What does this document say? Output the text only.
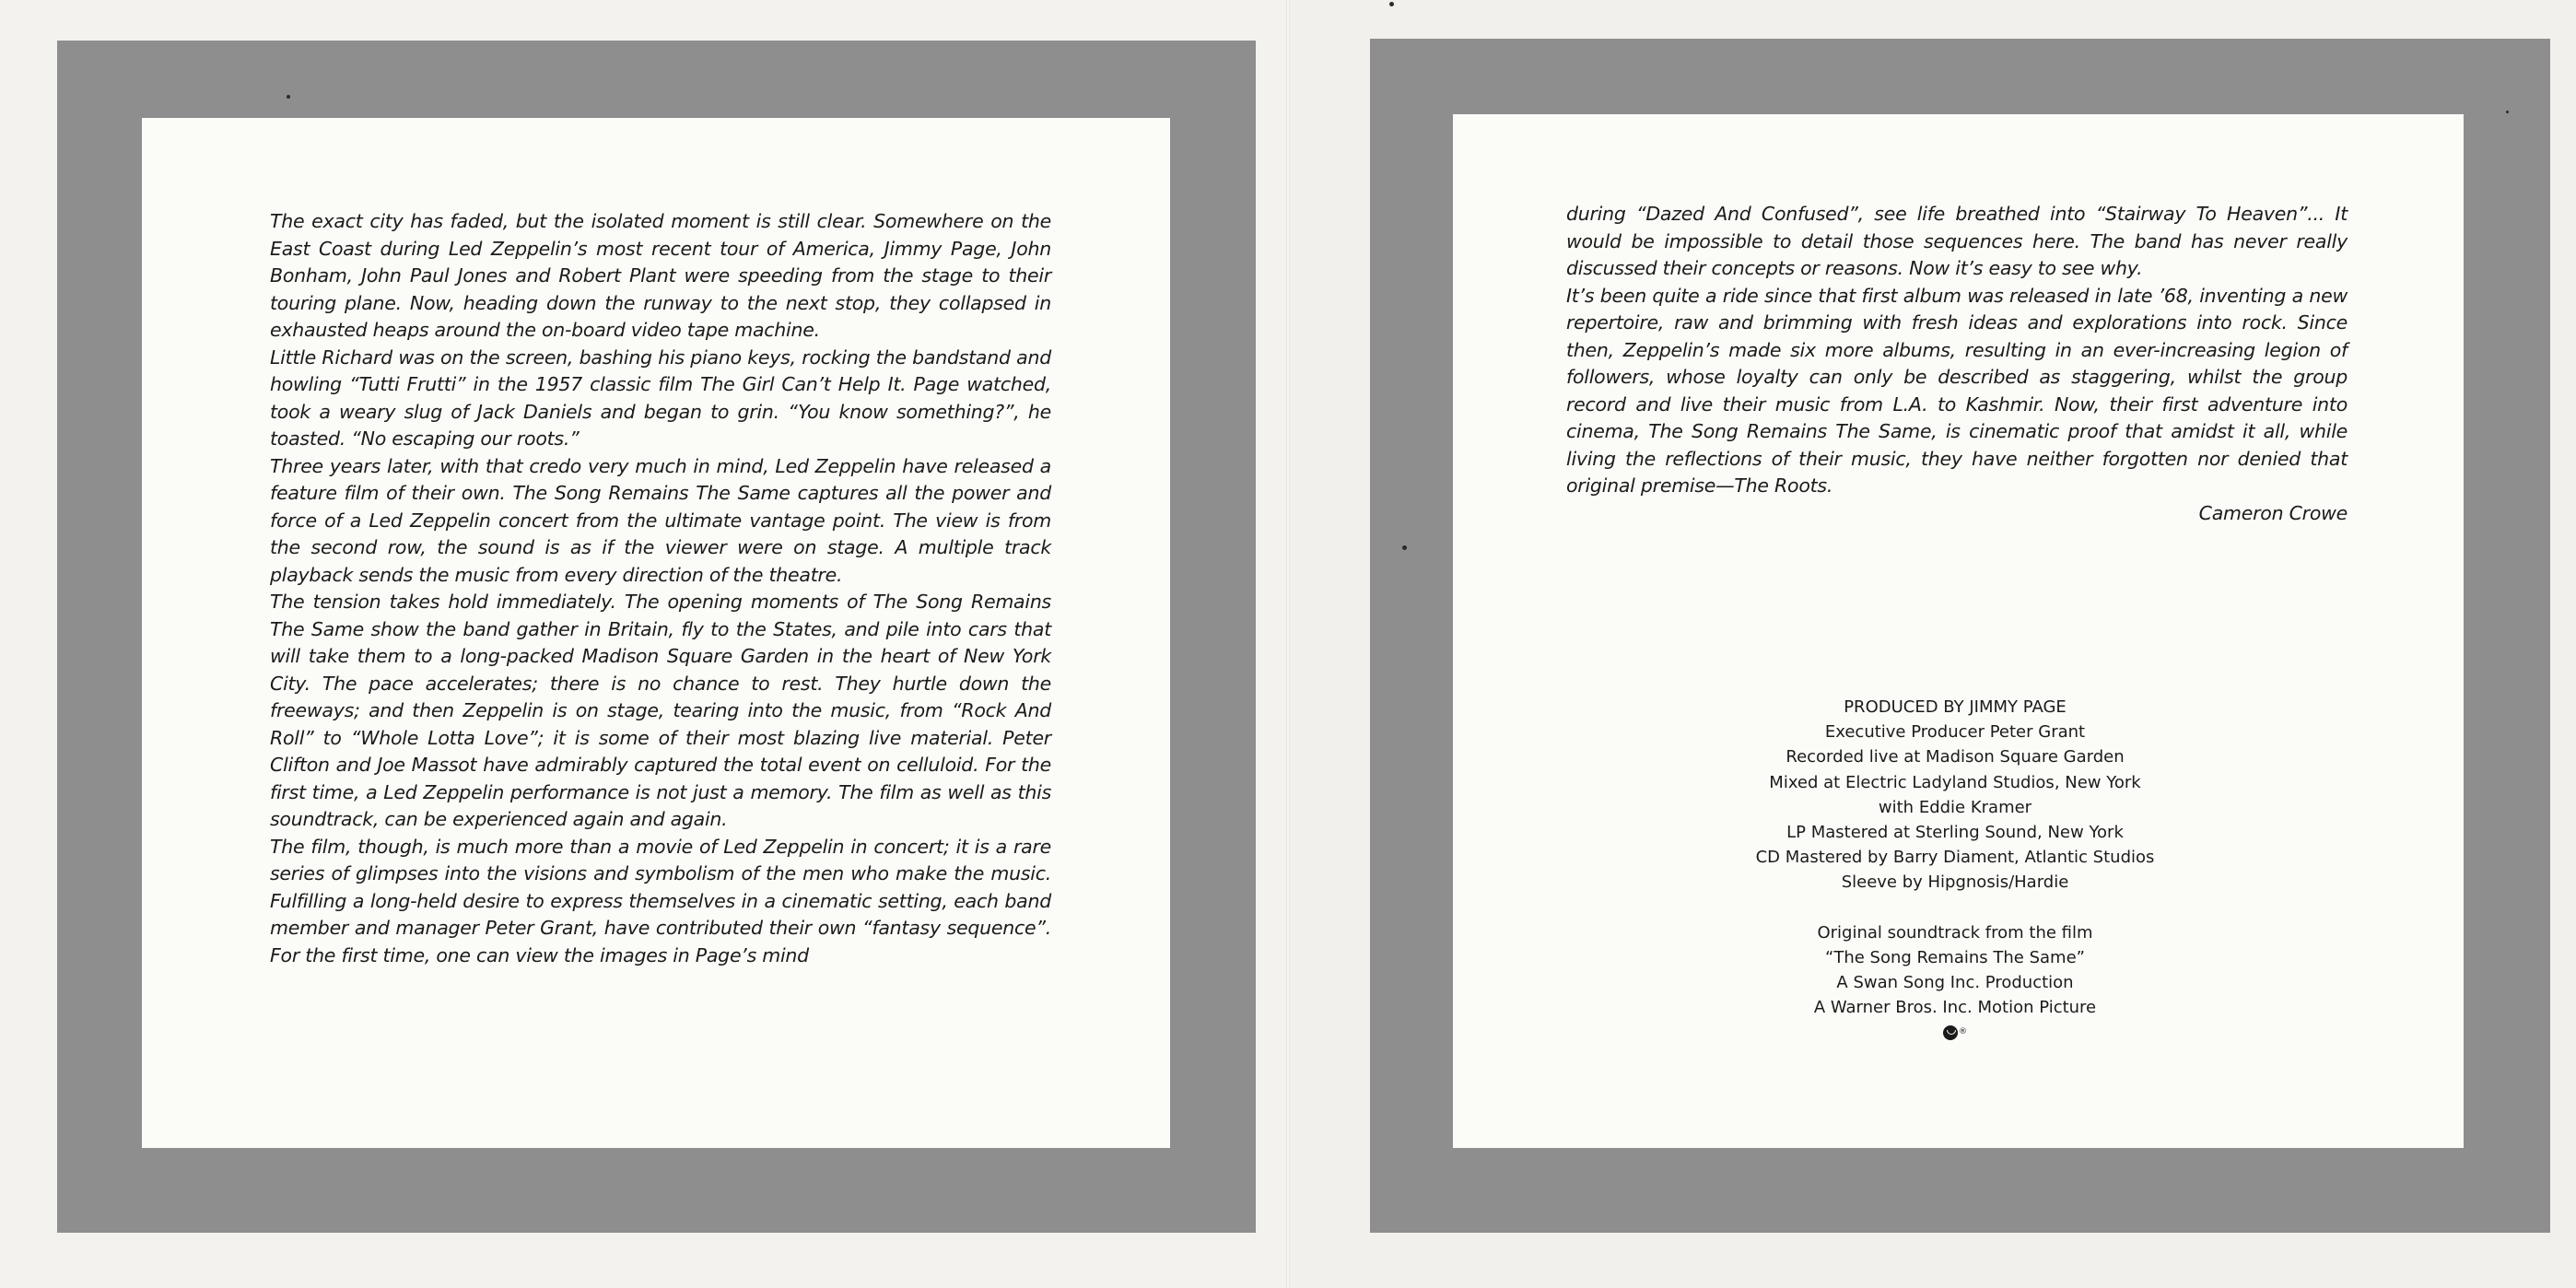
The exact city has faded, but the isolated moment is still clear. Somewhere on the East Coast during Led Zeppelin’s most recent tour of America, Jimmy Page, John Bonham, John Paul Jones and Robert Plant were speeding from the stage to their touring plane. Now, heading down the runway to the next stop, they collapsed in exhausted heaps around the on-board video tape machine.

Little Richard was on the screen, bashing his piano keys, rocking the bandstand and howling “Tutti Frutti” in the 1957 classic film The Girl Can’t Help It. Page watched, took a weary slug of Jack Daniels and began to grin. “You know something?”, he toasted. “No escaping our roots.”

Three years later, with that credo very much in mind, Led Zeppelin have released a feature film of their own. The Song Remains The Same captures all the power and force of a Led Zeppelin concert from the ultimate vantage point. The view is from the second row, the sound is as if the viewer were on stage. A multiple track playback sends the music from every direction of the theatre.

The tension takes hold immediately. The opening moments of The Song Remains The Same show the band gather in Britain, fly to the States, and pile into cars that will take them to a long-packed Madison Square Garden in the heart of New York City. The pace accelerates; there is no chance to rest. They hurtle down the freeways; and then Zeppelin is on stage, tearing into the music, from “Rock And Roll” to “Whole Lotta Love”; it is some of their most blazing live material. Peter Clifton and Joe Massot have admirably captured the total event on celluloid. For the first time, a Led Zeppelin performance is not just a memory. The film as well as this soundtrack, can be experienced again and again.

The film, though, is much more than a movie of Led Zeppelin in concert; it is a rare series of glimpses into the visions and symbolism of the men who make the music. Fulfilling a long-held desire to express themselves in a cinematic setting, each band member and manager Peter Grant, have contributed their own “fantasy sequence”. For the first time, one can view the images in Page’s mind

during “Dazed And Confused”, see life breathed into “Stairway To Heaven”... It would be impossible to detail those sequences here. The band has never really discussed their concepts or reasons. Now it’s easy to see why.

It’s been quite a ride since that first album was released in late ’68, inventing a new repertoire, raw and brimming with fresh ideas and explorations into rock. Since then, Zeppelin’s made six more albums, resulting in an ever-increasing legion of followers, whose loyalty can only be described as staggering, whilst the group record and live their music from L.A. to Kashmir. Now, their first adventure into cinema, The Song Remains The Same, is cinematic proof that amidst it all, while living the reflections of their music, they have neither forgotten nor denied that original premise—The Roots.

Cameron Crowe

PRODUCED BY JIMMY PAGE
Executive Producer Peter Grant
Recorded live at Madison Square Garden
Mixed at Electric Ladyland Studios, New York
with Eddie Kramer
LP Mastered at Sterling Sound, New York
CD Mastered by Barry Diament, Atlantic Studios
Sleeve by Hipgnosis/Hardie
Original soundtrack from the film
“The Song Remains The Same”
A Swan Song Inc. Production
A Warner Bros. Inc. Motion Picture
®
